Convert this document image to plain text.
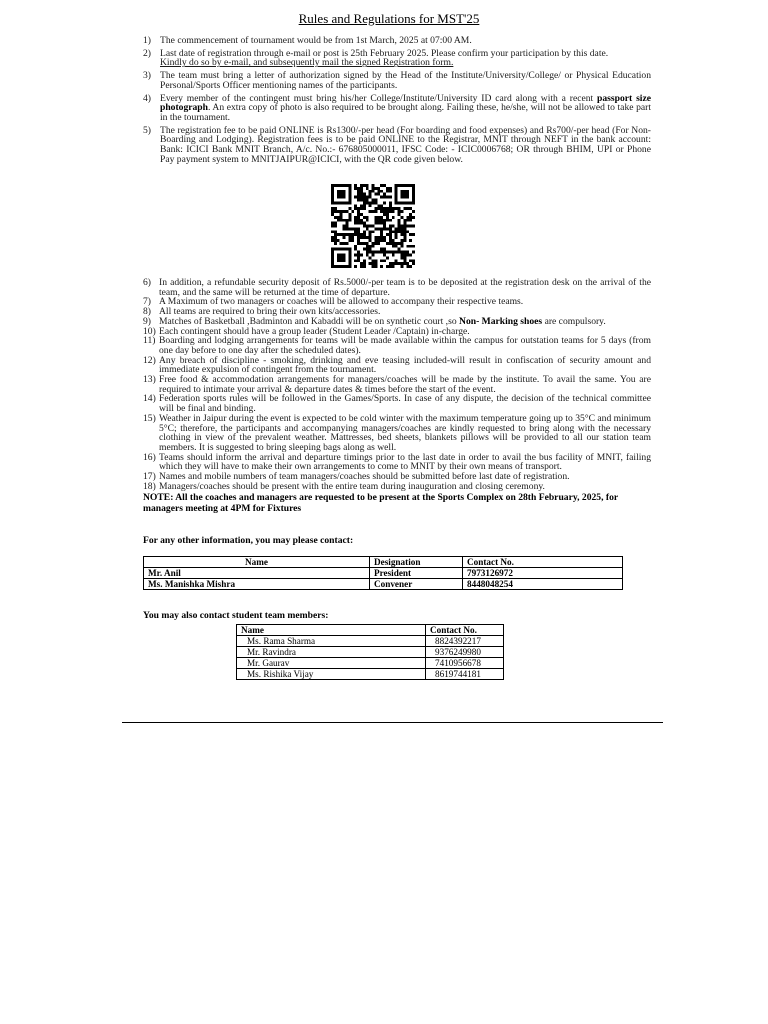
Rules and Regulations for MST'25
1) The commencement of tournament would be from 1st March, 2025 at 07:00 AM.
2) Last date of registration through e-mail or post is 25th February 2025. Please confirm your participation by this date.
Kindly do so by e-mail, and subsequently mail the signed Registration form.
3) The team must bring a letter of authorization signed by the Head of the Institute/University/College/ or Physical Education Personal/Sports Officer mentioning names of the participants.
4) Every member of the contingent must bring his/her College/Institute/University ID card along with a recent passport size photograph. An extra copy of photo is also required to be brought along. Failing these, he/she, will not be allowed to take part in the tournament.
5) The registration fee to be paid ONLINE is Rs1300/-per head (For boarding and food expenses) and Rs700/-per head (For Non-Boarding and Lodging). Registration fees is to be paid ONLINE to the Registrar, MNIT through NEFT in the bank account: Bank: ICICI Bank MNIT Branch, A/c. No.:- 676805000011, IFSC Code: - ICIC0006768; OR through BHIM, UPI or Phone Pay payment system to MNITJAIPUR@ICICI, with the QR code given below.
6) In addition, a refundable security deposit of Rs.5000/-per team is to be deposited at the registration desk on the arrival of the team, and the same will be returned at the time of departure.
7) A Maximum of two managers or coaches will be allowed to accompany their respective teams.
8) All teams are required to bring their own kits/accessories.
9) Matches of Basketball ,Badminton and Kabaddi will be on synthetic court ,so Non- Marking shoes are compulsory.
10) Each contingent should have a group leader (Student Leader /Captain) in-charge.
11) Boarding and lodging arrangements for teams will be made available within the campus for outstation teams for 5 days (from one day before to one day after the scheduled dates).
12) Any breach of discipline - smoking, drinking and eve teasing included-will result in confiscation of security amount and immediate expulsion of contingent from the tournament.
13) Free food & accommodation arrangements for managers/coaches will be made by the institute. To avail the same. You are required to intimate your arrival & departure dates & times before the start of the event.
14) Federation sports rules will be followed in the Games/Sports. In case of any dispute, the decision of the technical committee will be final and binding.
15) Weather in Jaipur during the event is expected to be cold winter with the maximum temperature going up to 35°C and minimum 5°C; therefore, the participants and accompanying managers/coaches are kindly requested to bring along with the necessary clothing in view of the prevalent weather. Mattresses, bed sheets, blankets pillows will be provided to all our station team members. It is suggested to bring sleeping bags along as well.
16) Teams should inform the arrival and departure timings prior to the last date in order to avail the bus facility of MNIT, failing which they will have to make their own arrangements to come to MNIT by their own means of transport.
17) Names and mobile numbers of team managers/coaches should be submitted before last date of registration.
18) Managers/coaches should be present with the entire team during inauguration and closing ceremony.
NOTE: All the coaches and managers are requested to be present at the Sports Complex on 28th February, 2025, for managers meeting at 4PM for Fixtures
For any other information, you may please contact:
Name	Designation	Contact No.
Mr. Anil	President	7973126972
Ms. Manishka Mishra	Convener	8448048254
You may also contact student team members:
Name	Contact No.
Ms. Rama Sharma	8824392217
Mr. Ravindra	9376249980
Mr. Gaurav	7410956678
Ms. Rishika Vijay	8619744181
